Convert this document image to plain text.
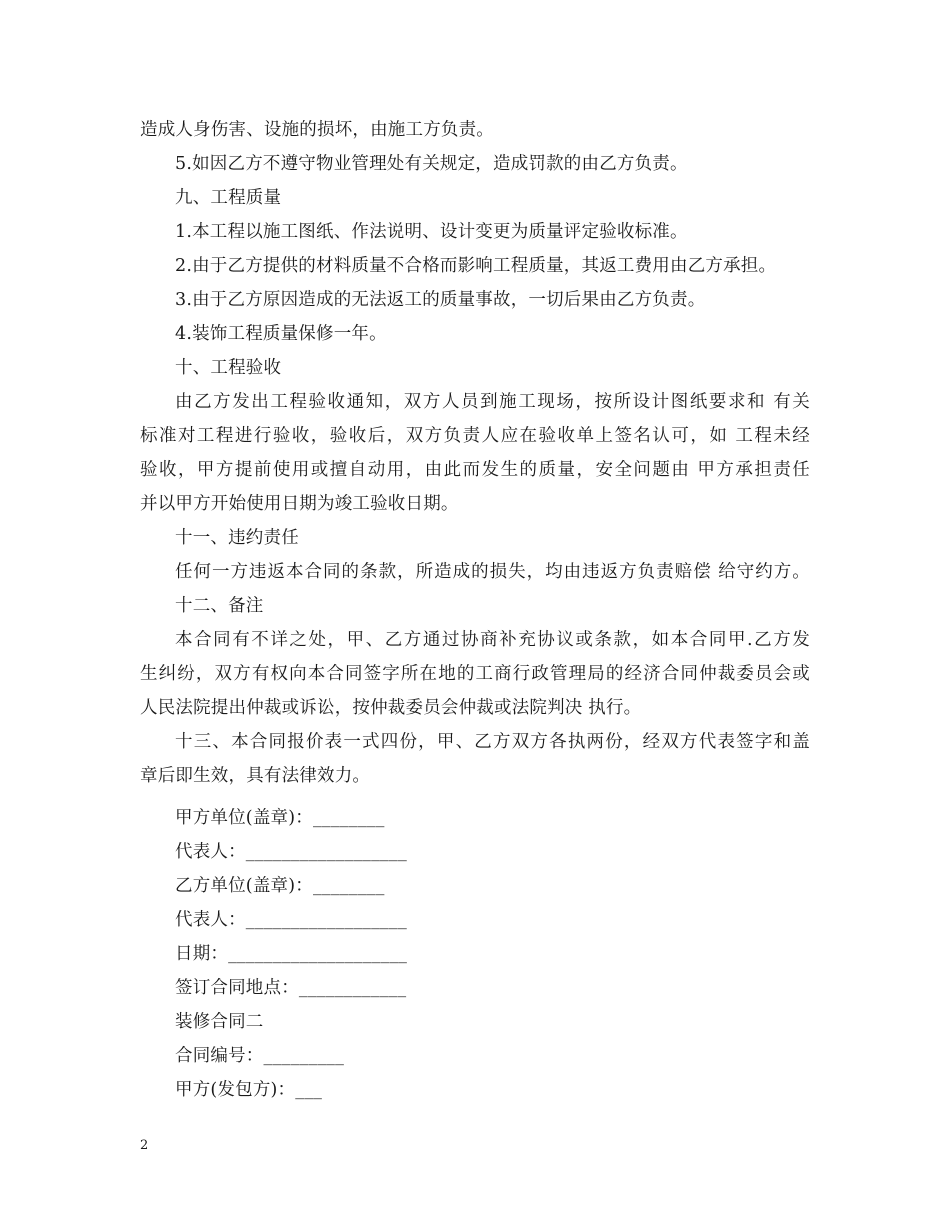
造成人身伤害、设施的损坏，由施工方负责。
5.如因乙方不遵守物业管理处有关规定，造成罚款的由乙方负责。
九、工程质量
1.本工程以施工图纸、作法说明、设计变更为质量评定验收标准。
2.由于乙方提供的材料质量不合格而影响工程质量，其返工费用由乙方承担。
3.由于乙方原因造成的无法返工的质量事故，一切后果由乙方负责。
4.装饰工程质量保修一年。
十、工程验收
由乙方发出工程验收通知，双方人员到施工现场，按所设计图纸要求和 有关
标准对工程进行验收，验收后，双方负责人应在验收单上签名认可，如 工程未经
验收，甲方提前使用或擅自动用，由此而发生的质量，安全问题由 甲方承担责任
并以甲方开始使用日期为竣工验收日期。
十一、违约责任
任何一方违返本合同的条款，所造成的损失，均由违返方负责赔偿 给守约方。
十二、备注
本合同有不详之处，甲、乙方通过协商补充协议或条款，如本合同甲.乙方发
生纠纷，双方有权向本合同签字所在地的工商行政管理局的经济合同仲裁委员会或
人民法院提出仲裁或诉讼，按仲裁委员会仲裁或法院判决 执行。
十三、本合同报价表一式四份，甲、乙方双方各执两份，经双方代表签字和盖
章后即生效，具有法律效力。
甲方单位(盖章)：________
代表人：__________________
乙方单位(盖章)：________
代表人：__________________
日期：____________________
签订合同地点：____________
装修合同二
合同编号：_________
甲方(发包方)：___
2
